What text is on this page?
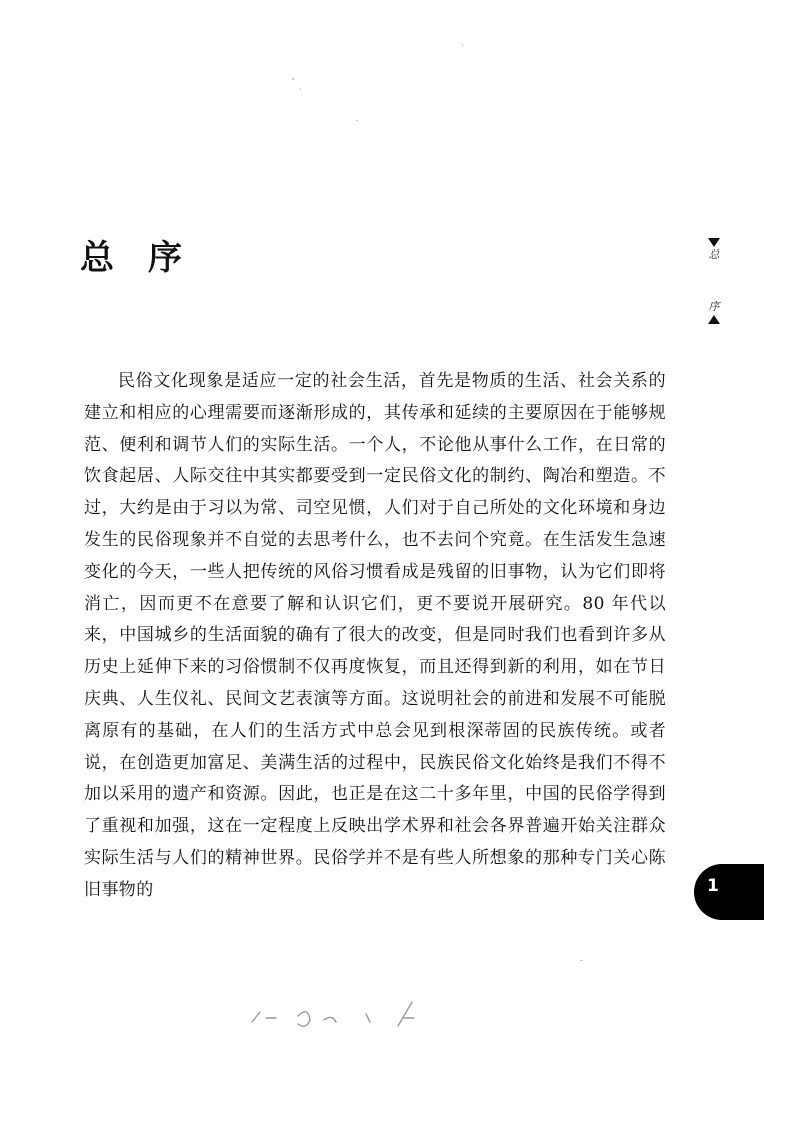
总 序	总
序

民俗文化现象是适应一定的社会生活，首先是物质的生活、社会关系的建立和相应的心理需要而逐渐形成的，其传承和延续的主要原因在于能够规范、便利和调节人们的实际生活。一个人，不论他从事什么工作，在日常的饮食起居、人际交往中其实都要受到一定民俗文化的制约、陶冶和塑造。不过，大约是由于习以为常、司空见惯，人们对于自己所处的文化环境和身边发生的民俗现象并不自觉的去思考什么，也不去问个究竟。在生活发生急速变化的今天，一些人把传统的风俗习惯看成是残留的旧事物，认为它们即将消亡，因而更不在意要了解和认识它们，更不要说开展研究。80 年代以来，中国城乡的生活面貌的确有了很大的改变，但是同时我们也看到许多从历史上延伸下来的习俗惯制不仅再度恢复，而且还得到新的利用，如在节日庆典、人生仪礼、民间文艺表演等方面。这说明社会的前进和发展不可能脱离原有的基础，在人们的生活方式中总会见到根深蒂固的民族传统。或者说，在创造更加富足、美满生活的过程中，民族民俗文化始终是我们不得不加以采用的遗产和资源。因此，也正是在这二十多年里，中国的民俗学得到了重视和加强，这在一定程度上反映出学术界和社会各界普遍开始关注群众实际生活与人们的精神世界。民俗学并不是有些人所想象的那种专门关心陈旧事物的	1
